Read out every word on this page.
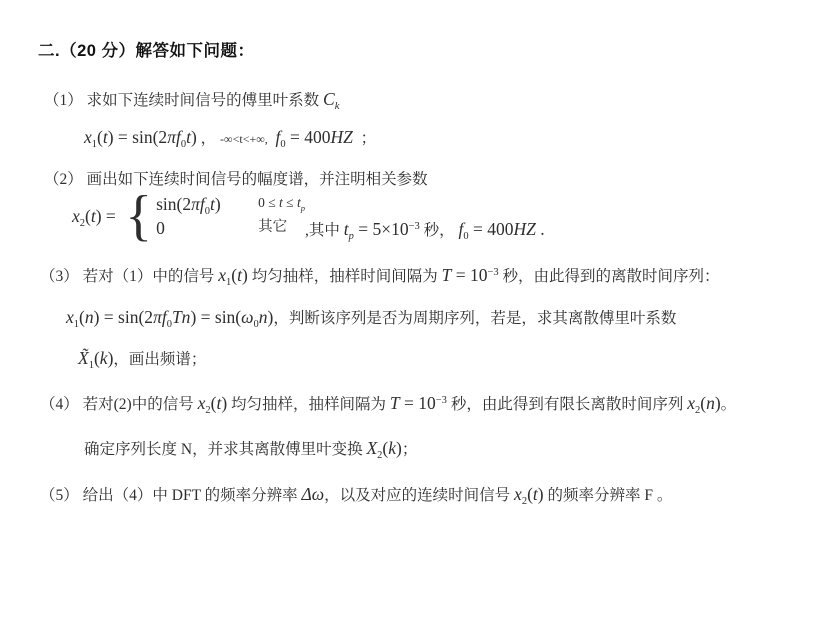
二.（20 分）解答如下问题：
（1） 求如下连续时间信号的傅里叶系数 $C_k$
$x_1(t) = \sin(2\pi f_0t)$ ， -∞<t<+∞, $f_0 = 400HZ$  ；
（2） 画出如下连续时间信号的幅度谱，并注明相关参数
$x_2(t)$ = { $\sin(2\pi f_0t)$	$0 \le t \le t_p$
0	其它 ,其中 $t_p = 5\times 10^{-3}$ 秒， $f_0 = 400HZ$ .
（3） 若对（1）中的信号 $x_1(t)$ 均匀抽样，抽样时间间隔为 $T = 10^{-3}$ 秒，由此得到的离散时间序列：
$x_1(n) = \sin(2\pi f_0Tn) = \sin(\omega_0n)$，判断该序列是否为周期序列，若是，求其离散傅里叶系数
$X̃_1(k)$，画出频谱；
（4） 若对(2)中的信号 $x_2(t)$ 均匀抽样，抽样间隔为 $T = 10^{-3}$ 秒，由此得到有限长离散时间序列 $x_2(n)$。
确定序列长度 N，并求其离散傅里叶变换 $X_2(k)$；
（5） 给出（4）中 DFT 的频率分辨率 Δω，以及对应的连续时间信号 $x_2(t)$ 的频率分辨率 F 。
